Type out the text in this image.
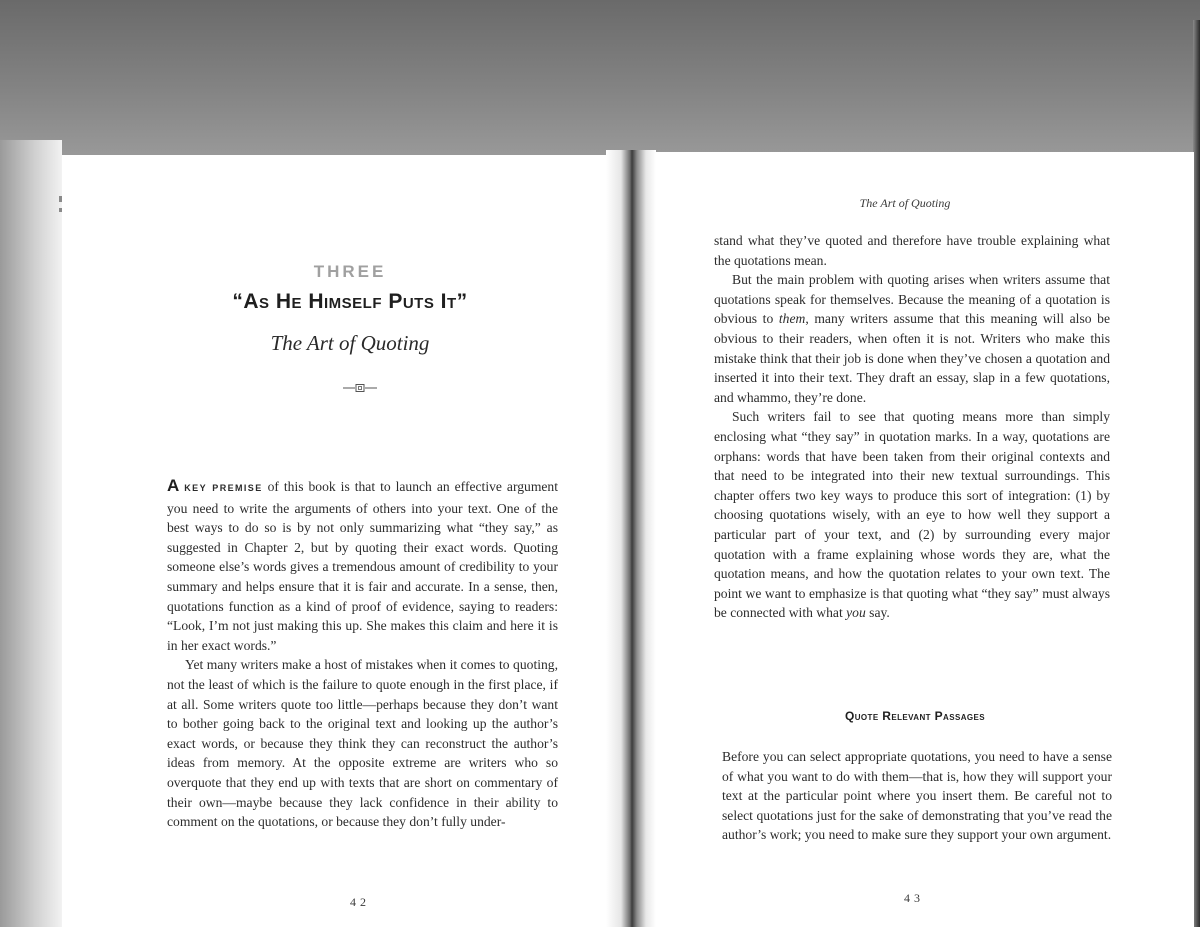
THREE
“As He Himself Puts It”
The Art of Quoting

A KEY PREMISE of this book is that to launch an effective argument you need to write the arguments of others into your text. One of the best ways to do so is by not only summarizing what “they say,” as suggested in Chapter 2, but by quoting their exact words. Quoting someone else’s words gives a tremendous amount of credibility to your summary and helps ensure that it is fair and accurate. In a sense, then, quotations function as a kind of proof of evidence, saying to readers: “Look, I’m not just making this up. She makes this claim and here it is in her exact words.”

Yet many writers make a host of mistakes when it comes to quoting, not the least of which is the failure to quote enough in the first place, if at all. Some writers quote too little—perhaps because they don’t want to bother going back to the original text and looking up the author’s exact words, or because they think they can reconstruct the author’s ideas from memory. At the opposite extreme are writers who so overquote that they end up with texts that are short on commentary of their own—maybe because they lack confidence in their ability to comment on the quotations, or because they don’t fully under-

42
The Art of Quoting

stand what they’ve quoted and therefore have trouble explaining what the quotations mean.

But the main problem with quoting arises when writers assume that quotations speak for themselves. Because the meaning of a quotation is obvious to them, many writers assume that this meaning will also be obvious to their readers, when often it is not. Writers who make this mistake think that their job is done when they’ve chosen a quotation and inserted it into their text. They draft an essay, slap in a few quotations, and whammo, they’re done.

Such writers fail to see that quoting means more than simply enclosing what “they say” in quotation marks. In a way, quotations are orphans: words that have been taken from their original contexts and that need to be integrated into their new textual surroundings. This chapter offers two key ways to produce this sort of integration: (1) by choosing quotations wisely, with an eye to how well they support a particular part of your text, and (2) by surrounding every major quotation with a frame explaining whose words they are, what the quotation means, and how the quotation relates to your own text. The point we want to emphasize is that quoting what “they say” must always be connected with what you say.

Quote Relevant Passages

Before you can select appropriate quotations, you need to have a sense of what you want to do with them—that is, how they will support your text at the particular point where you insert them. Be careful not to select quotations just for the sake of demonstrating that you’ve read the author’s work; you need to make sure they support your own argument.

43
